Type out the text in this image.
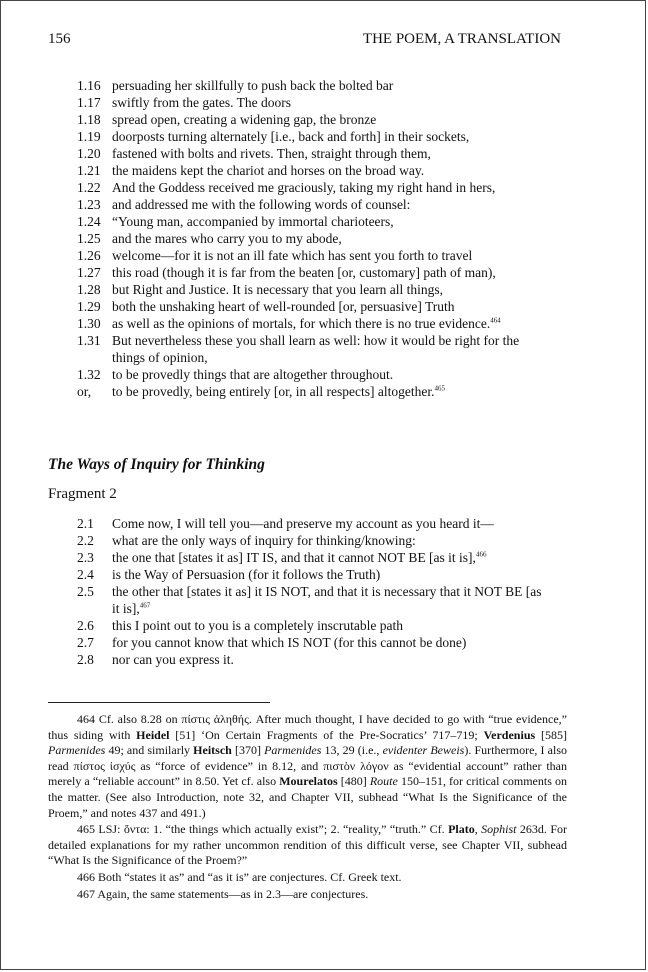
156	THE POEM, A TRANSLATION
1.16 persuading her skillfully to push back the bolted bar
1.17 swiftly from the gates. The doors
1.18 spread open, creating a widening gap, the bronze
1.19 doorposts turning alternately [i.e., back and forth] in their sockets,
1.20 fastened with bolts and rivets. Then, straight through them,
1.21 the maidens kept the chariot and horses on the broad way.
1.22 And the Goddess received me graciously, taking my right hand in hers,
1.23 and addressed me with the following words of counsel:
1.24 “Young man, accompanied by immortal charioteers,
1.25 and the mares who carry you to my abode,
1.26 welcome—for it is not an ill fate which has sent you forth to travel
1.27 this road (though it is far from the beaten [or, customary] path of man),
1.28 but Right and Justice. It is necessary that you learn all things,
1.29 both the unshaking heart of well-rounded [or, persuasive] Truth
1.30 as well as the opinions of mortals, for which there is no true evidence.$^{464}$
1.31 But nevertheless these you shall learn as well: how it would be right for the
things of opinion,
1.32 to be provedly things that are altogether throughout.
or,	to be provedly, being entirely [or, in all respects] altogether.$^{465}$
The Ways of Inquiry for Thinking
Fragment 2
2.1	Come now, I will tell you—and preserve my account as you heard it—
2.2	what are the only ways of inquiry for thinking/knowing:
2.3	the one that [states it as] IT IS, and that it cannot NOT BE [as it is],$^{466}$
2.4	is the Way of Persuasion (for it follows the Truth)
2.5	the other that [states it as] it IS NOT, and that it is necessary that it NOT BE [as
it is],$^{467}$
2.6	this I point out to you is a completely inscrutable path
2.7	for you cannot know that which IS NOT (for this cannot be done)
2.8	nor can you express it.

464 Cf. also 8.28 on πίστις ἀληθής. After much thought, I have decided to go with “true evidence,” thus siding with Heidel [51] ‘On Certain Fragments of the Pre-Socratics’ 717–719; Verdenius [585] Parmenides 49; and similarly Heitsch [370] Parmenides 13, 29 (i.e., evidenter Beweis). Furthermore, I also read πίστος ἰσχύς as “force of evidence” in 8.12, and πιστὸν λόγον as “evidential account” rather than merely a “reliable account” in 8.50. Yet cf. also Mourelatos [480] Route 150–151, for critical comments on the matter. (See also Introduction, note 32, and Chapter VII, subhead “What Is the Significance of the Proem,” and notes 437 and 491.)

465 LSJ: ὄντα: 1. “the things which actually exist”; 2. “reality,” “truth.” Cf. Plato, Sophist 263d. For detailed explanations for my rather uncommon rendition of this difficult verse, see Chapter VII, subhead “What Is the Significance of the Proem?”

466 Both “states it as” and “as it is” are conjectures. Cf. Greek text.

467 Again, the same statements—as in 2.3—are conjectures.
